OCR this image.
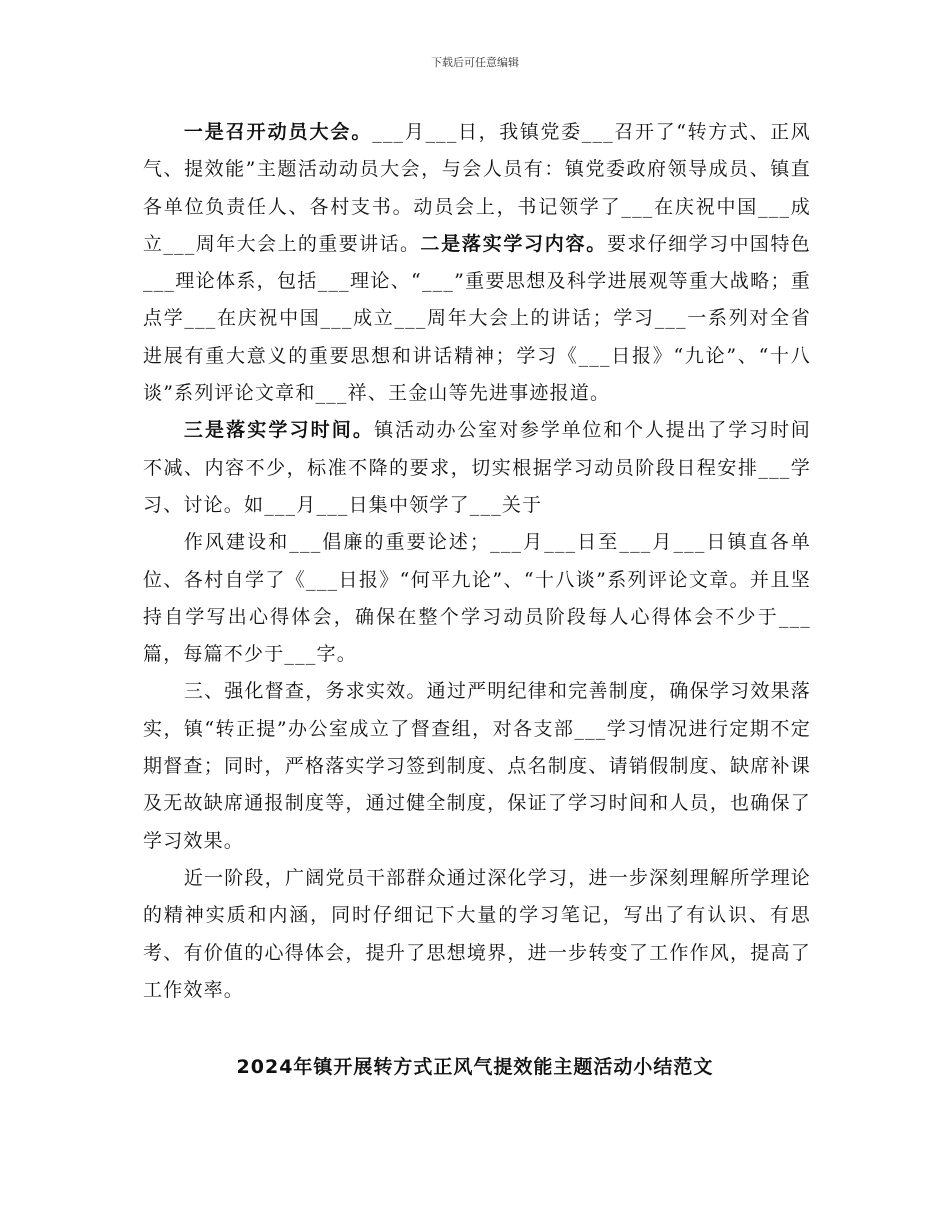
下载后可任意编辑

一是召开动员大会。___月___日，我镇党委___召开了“转方式、正风气、提效能”主题活动动员大会，与会人员有：镇党委政府领导成员、镇直各单位负责任人、各村支书。动员会上，书记领学了___在庆祝中国___成立___周年大会上的重要讲话。二是落实学习内容。要求仔细学习中国特色___理论体系，包括___理论、“___”重要思想及科学进展观等重大战略；重点学___在庆祝中国___成立___周年大会上的讲话；学习___一系列对全省进展有重大意义的重要思想和讲话精神；学习《___日报》“九论”、“十八谈”系列评论文章和___祥、王金山等先进事迹报道。

三是落实学习时间。镇活动办公室对参学单位和个人提出了学习时间不减、内容不少，标准不降的要求，切实根据学习动员阶段日程安排___学习、讨论。如___月___日集中领学了___关于

作风建设和___倡廉的重要论述；___月___日至___月___日镇直各单位、各村自学了《___日报》“何平九论”、“十八谈”系列评论文章。并且坚持自学写出心得体会，确保在整个学习动员阶段每人心得体会不少于___篇，每篇不少于___字。

三、强化督查，务求实效。通过严明纪律和完善制度，确保学习效果落实，镇“转正提”办公室成立了督查组，对各支部___学习情况进行定期不定期督查；同时，严格落实学习签到制度、点名制度、请销假制度、缺席补课及无故缺席通报制度等，通过健全制度，保证了学习时间和人员，也确保了学习效果。

近一阶段，广阔党员干部群众通过深化学习，进一步深刻理解所学理论的精神实质和内涵，同时仔细记下大量的学习笔记，写出了有认识、有思考、有价值的心得体会，提升了思想境界，进一步转变了工作作风，提高了工作效率。

2024年镇开展转方式正风气提效能主题活动小结范文
